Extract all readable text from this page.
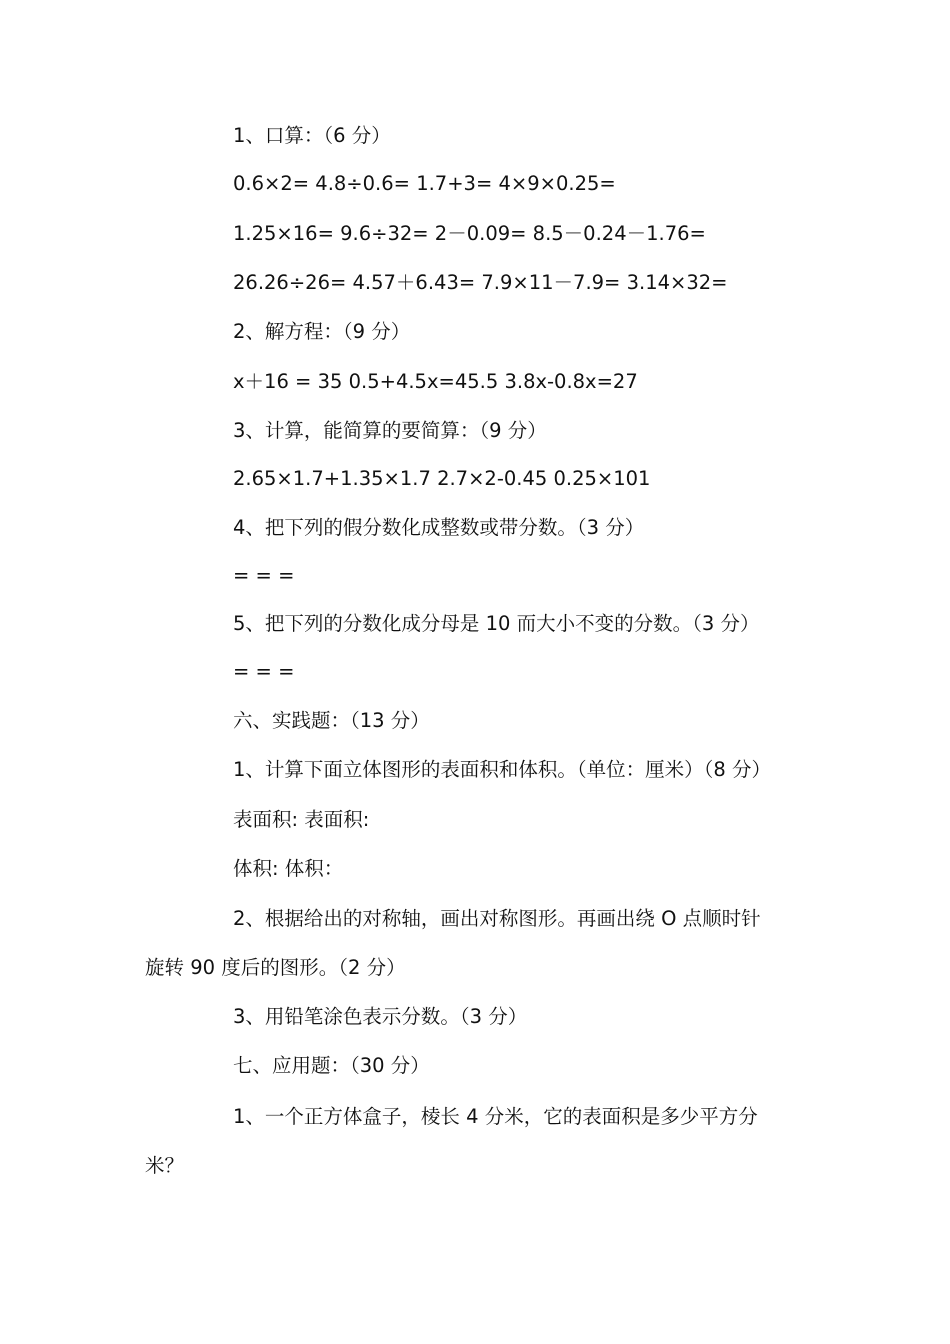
1、口算：（6 分）
0.6×2= 4.8÷0.6= 1.7+3= 4×9×0.25=
1.25×16= 9.6÷32= 2－0.09= 8.5－0.24－1.76=
26.26÷26= 4.57＋6.43= 7.9×11－7.9= 3.14×32=
2、解方程：（9 分）
x＋16 = 35 0.5+4.5x=45.5 3.8x-0.8x=27
3、计算，能简算的要简算：（9 分）
2.65×1.7+1.35×1.7 2.7×2-0.45 0.25×101
4、把下列的假分数化成整数或带分数。（3 分）
= = =
5、把下列的分数化成分母是 10 而大小不变的分数。（3 分）
= = =
六、实践题：（13 分）
1、计算下面立体图形的表面积和体积。（单位：厘米）（8 分）
表面积: 表面积:
体积: 体积：
2、根据给出的对称轴，画出对称图形。再画出绕 O 点顺时针
旋转 90 度后的图形。（2 分）
3、用铅笔涂色表示分数。（3 分）
七、应用题：（30 分）
1、一个正方体盒子，棱长 4 分米，它的表面积是多少平方分
米？
